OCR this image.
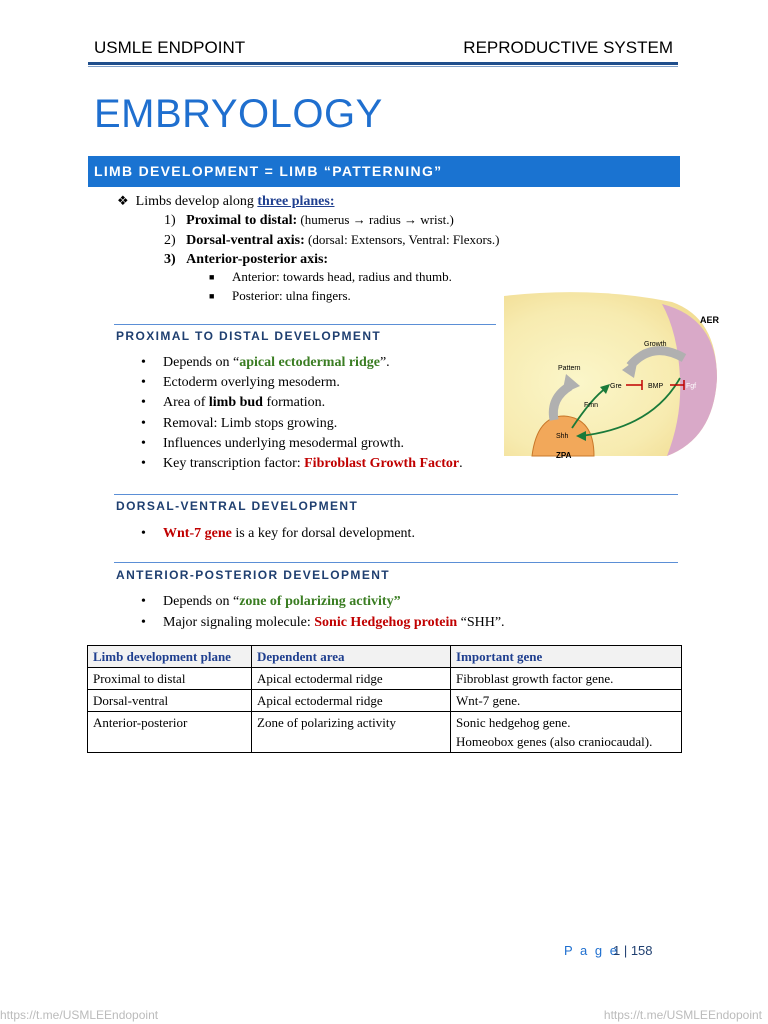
USMLE ENDPOINT	REPRODUCTIVE SYSTEM
EMBRYOLOGY
LIMB DEVELOPMENT = LIMB “PATTERNING”
❖ Limbs develop along three planes:
1) Proximal to distal: (humerus → radius → wrist.)
2) Dorsal-ventral axis: (dorsal: Extensors, Ventral: Flexors.)
3) Anterior-posterior axis:
■ Anterior: towards head, radius and thumb.
■ Posterior: ulna fingers.
PROXIMAL TO DISTAL DEVELOPMENT
• Depends on “apical ectodermal ridge”.
• Ectoderm overlying mesoderm.
• Area of limb bud formation.
• Removal: Limb stops growing.
• Influences underlying mesodermal growth.
• Key transcription factor: Fibroblast Growth Factor.
AER
Growth
Pattern
Gre	BMP	Fgf
Fmn
Shh
ZPA
DORSAL-VENTRAL DEVELOPMENT
• Wnt-7 gene is a key for dorsal development.
ANTERIOR-POSTERIOR DEVELOPMENT
• Depends on “zone of polarizing activity”
• Major signaling molecule: Sonic Hedgehog protein “SHH”.
Limb development plane	Dependent area	Important gene
Proximal to distal	Apical ectodermal ridge	Fibroblast growth factor gene.
Dorsal-ventral	Apical ectodermal ridge	Wnt-7 gene.
Anterior-posterior	Zone of polarizing activity	Sonic hedgehog gene.
Homeobox genes (also craniocaudal).
P a g e
1 | 158
https://t.me/USMLEEndopoint	https://t.me/USMLEEndopoint
